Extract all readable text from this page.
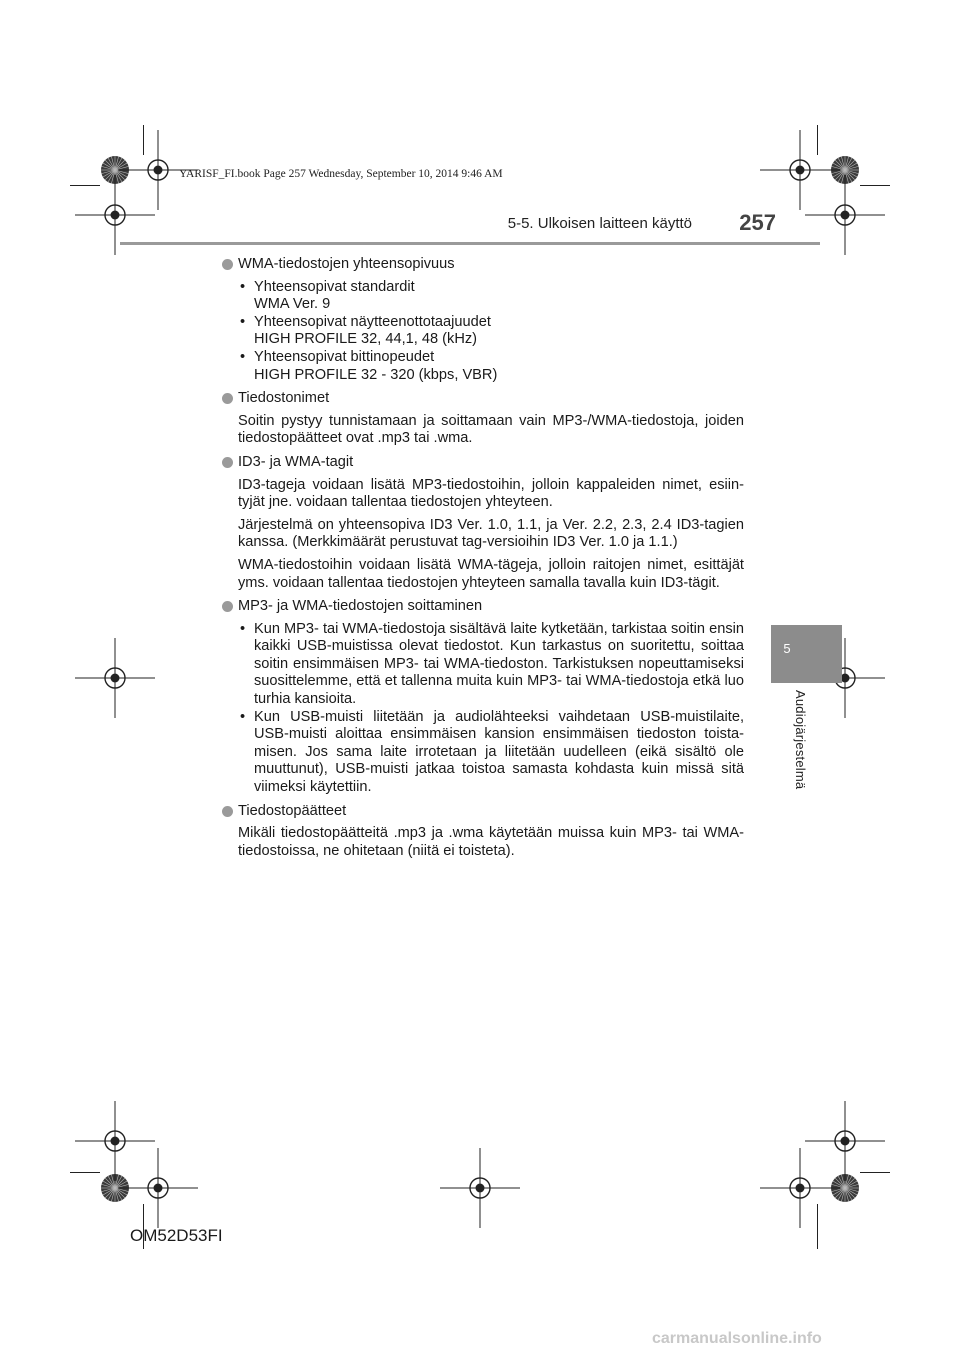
YARISF_FI.book Page 257 Wednesday, September 10, 2014 9:46 AM
5-5. Ulkoisen laitteen käyttö	257
5
Audiojärjestelmä
WMA-tiedostojen yhteensopivuus
• Yhteensopivat standardit
WMA Ver. 9
• Yhteensopivat näytteenottotaajuudet
HIGH PROFILE 32, 44,1, 48 (kHz)
• Yhteensopivat bittinopeudet
HIGH PROFILE 32 - 320 (kbps, VBR)
Tiedostonimet

Soitin pystyy tunnistamaan ja soittamaan vain MP3-/WMA-tiedostoja, joiden tiedostopäätteet ovat .mp3 tai .wma.

ID3- ja WMA-tagit

ID3-tageja voidaan lisätä MP3-tiedostoihin, jolloin kappaleiden nimet, esiintyjät jne. voidaan tallentaa tiedostojen yhteyteen.

Järjestelmä on yhteensopiva ID3 Ver. 1.0, 1.1, ja Ver. 2.2, 2.3, 2.4 ID3-tagien kanssa. (Merkkimäärät perustuvat tag-versioihin ID3 Ver. 1.0 ja 1.1.)

WMA-tiedostoihin voidaan lisätä WMA-tägeja, jolloin raitojen nimet, esittäjät yms. voidaan tallentaa tiedostojen yhteyteen samalla tavalla kuin ID3-tägit.

MP3- ja WMA-tiedostojen soittaminen
• Kun MP3- tai WMA-tiedostoja sisältävä laite kytketään, tarkistaa soitin ensin kaikki USB-muistissa olevat tiedostot. Kun tarkastus on suoritettu, soittaa soitin ensimmäisen MP3- tai WMA-tiedoston. Tarkistuksen nopeuttamiseksi suosittelemme, että et tallenna muita kuin MP3- tai WMA-tiedostoja etkä luo turhia kansioita.
• Kun USB-muisti liitetään ja audiolähteeksi vaihdetaan USB-muistilaite, USB-muisti aloittaa ensimmäisen kansion ensimmäisen tiedoston toistamisen. Jos sama laite irrotetaan ja liitetään uudelleen (eikä sisältö ole muuttunut), USB-muisti jatkaa toistoa samasta kohdasta kuin missä sitä viimeksi käytettiin.
Tiedostopäätteet

Mikäli tiedostopäätteitä .mp3 ja .wma käytetään muissa kuin MP3- tai WMA-tiedostoissa, ne ohitetaan (niitä ei toisteta).

OM52D53FI
carmanualsonline.info
